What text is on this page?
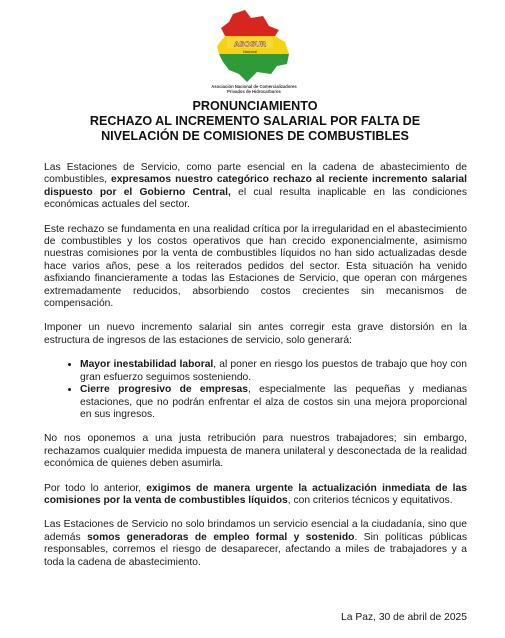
ASOSUR
Nacional
Asociación Nacional de Comercializadores
Privados de Hidrocarburos
PRONUNCIAMIENTO
RECHAZO AL INCREMENTO SALARIAL POR FALTA DE
NIVELACIÓN DE COMISIONES DE COMBUSTIBLES

Las Estaciones de Servicio, como parte esencial en la cadena de abastecimiento de combustibles, expresamos nuestro categórico rechazo al reciente incremento salarial dispuesto por el Gobierno Central, el cual resulta inaplicable en las condiciones económicas actuales del sector.

Este rechazo se fundamenta en una realidad crítica por la irregularidad en el abastecimiento de combustibles y los costos operativos que han crecido exponencialmente, asimismo nuestras comisiones por la venta de combustibles líquidos no han sido actualizadas desde hace varios años, pese a los reiterados pedidos del sector. Esta situación ha venido asfixiando financieramente a todas las Estaciones de Servicio, que operan con márgenes extremadamente reducidos, absorbiendo costos crecientes sin mecanismos de compensación.

Imponer un nuevo incremento salarial sin antes corregir esta grave distorsión en la estructura de ingresos de las estaciones de servicio, solo generará:

• Mayor inestabilidad laboral, al poner en riesgo los puestos de trabajo que hoy con gran esfuerzo seguimos sosteniendo.
• Cierre progresivo de empresas, especialmente las pequeñas y medianas estaciones, que no podrán enfrentar el alza de costos sin una mejora proporcional en sus ingresos.

No nos oponemos a una justa retribución para nuestros trabajadores; sin embargo, rechazamos cualquier medida impuesta de manera unilateral y desconectada de la realidad económica de quienes deben asumirla.

Por todo lo anterior, exigimos de manera urgente la actualización inmediata de las comisiones por la venta de combustibles líquidos, con criterios técnicos y equitativos.

Las Estaciones de Servicio no solo brindamos un servicio esencial a la ciudadanía, sino que además somos generadoras de empleo formal y sostenido. Sin políticas públicas responsables, corremos el riesgo de desaparecer, afectando a miles de trabajadores y a toda la cadena de abastecimiento.

La Paz, 30 de abril de 2025
